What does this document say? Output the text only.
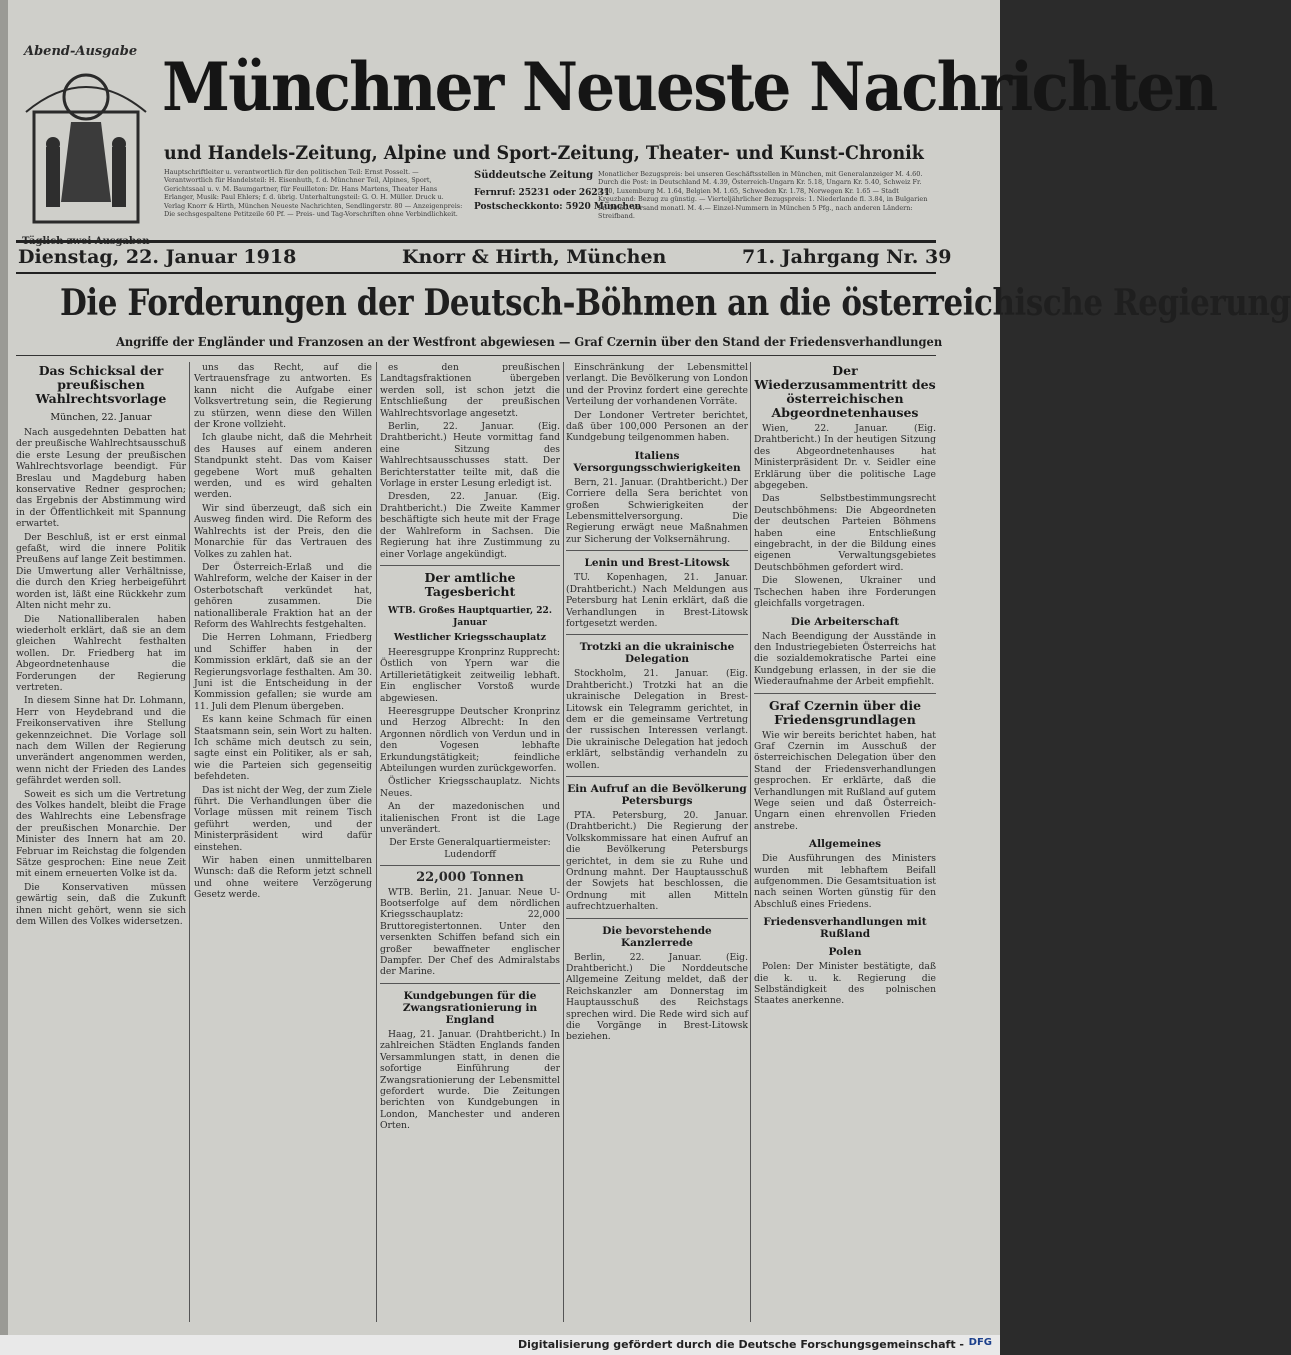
Abend-Ausgabe Münchner Neueste Nachrichten
und Handels-Zeitung, Alpine und Sport-Zeitung, Theater- und Kunst-Chronik
Hauptschriftleiter u. verantwortlich für den politischen Teil: Ernst Posselt. — Verantwortlich für Handelsteil: H. Eisenhuth, f. d. Münchner Teil, Alpines, Sport, Gerichtssaal u. v. M. Baumgartner, für Feuilleton: Dr. Hans Martens, Theater Hans Erlanger, Musik: Paul Ehlers; f. d. übrig. Unterhaltungsteil: G. O. H. Müller. Druck u. Verlag Knorr & Hirth, München Neueste Nachrichten, Sendlingerstr. 80 — Anzeigenpreis: Die sechsgespaltene Petitzeile 60 Pf. — Preis- und Tag-Vorschriften ohne Verbindlichkeit.
Süddeutsche Zeitung
Fernruf: 25231 oder 26231
Postscheckkonto: 5920 München
Monatlicher Bezugspreis: bei unseren Geschäftsstellen in München, mit Generalanzeiger M. 4.60. Durch die Post: in Deutschland M. 4.39, Österreich-Ungarn Kr. 5.18, Ungarn Kr. 5.40, Schweiz Fr. 5.90, Luxemburg M. 1.64, Belgien M. 1.65, Schweden Kr. 1.78, Norwegen Kr. 1.65 — Stadt Kreuzband: Bezug zu günstig. — Vierteljährlicher Bezugspreis: 1. Niederlande fl. 3.84, in Bulgarien Fr. 10.60. Versand monatl. M. 4.— Einzel-Nummern in München 5 Pfg., nach anderen Ländern: Streifband.
Dienstag, 22. Januar 1918	Knorr & Hirth, München	71. Jahrgang Nr. 39
Die Forderungen der Deutsch-Böhmen an die österreichische Regierung
Angriffe der Engländer und Franzosen an der Westfront abgewiesen — Graf Czernin über den Stand der Friedensverhandlungen
Das Schicksal der preußischen Wahlrechtsvorlage
München, 22. Januar

Nach ausgedehnten Debatten hat der preußische Wahlrechtsausschuß die erste Lesung der preußischen Wahlrechtsvorlage beendigt. Für Breslau und Magdeburg haben konservative Redner gesprochen; das Ergebnis der Abstimmung wird in der Öffentlichkeit mit Spannung erwartet.

Der Beschluß, ist er erst einmal gefaßt, wird die innere Politik Preußens auf lange Zeit bestimmen. Die Umwertung aller Verhältnisse, die durch den Krieg herbeigeführt worden ist, läßt eine Rückkehr zum Alten nicht mehr zu.

Die Nationalliberalen haben wiederholt erklärt, daß sie an dem gleichen Wahlrecht festhalten wollen. Dr. Friedberg hat im Abgeordnetenhause die Forderungen der Regierung vertreten.

In diesem Sinne hat Dr. Lohmann, Herr von Heydebrand und die Freikonservativen ihre Stellung gekennzeichnet. Die Vorlage soll nach dem Willen der Regierung unverändert angenommen werden, wenn nicht der Frieden des Landes gefährdet werden soll.

Soweit es sich um die Vertretung des Volkes handelt, bleibt die Frage des Wahlrechts eine Lebensfrage der preußischen Monarchie. Der Minister des Innern hat am 20. Februar im Reichstag die folgenden Sätze gesprochen: Eine neue Zeit mit einem erneuerten Volke ist da.

Die Konservativen müssen gewärtig sein, daß die Zukunft ihnen nicht gehört, wenn sie sich dem Willen des Volkes widersetzen.

uns das Recht, auf die Vertrauensfrage zu antworten. Es kann nicht die Aufgabe einer Volksvertretung sein, die Regierung zu stürzen, wenn diese den Willen der Krone vollzieht.

Ich glaube nicht, daß die Mehrheit des Hauses auf einem anderen Standpunkt steht. Das vom Kaiser gegebene Wort muß gehalten werden, und es wird gehalten werden.

Wir sind überzeugt, daß sich ein Ausweg finden wird. Die Reform des Wahlrechts ist der Preis, den die Monarchie für das Vertrauen des Volkes zu zahlen hat.

Der Österreich-Erlaß und die Wahlreform, welche der Kaiser in der Osterbotschaft verkündet hat, gehören zusammen. Die nationalliberale Fraktion hat an der Reform des Wahlrechts festgehalten.

Die Herren Lohmann, Friedberg und Schiffer haben in der Kommission erklärt, daß sie an der Regierungsvorlage festhalten. Am 30. Juni ist die Entscheidung in der Kommission gefallen; sie wurde am 11. Juli dem Plenum übergeben.

Es kann keine Schmach für einen Staatsmann sein, sein Wort zu halten. Ich schäme mich deutsch zu sein, sagte einst ein Politiker, als er sah, wie die Parteien sich gegenseitig befehdeten.

Das ist nicht der Weg, der zum Ziele führt. Die Verhandlungen über die Vorlage müssen mit reinem Tisch geführt werden, und der Ministerpräsident wird dafür einstehen.

Wir haben einen unmittelbaren Wunsch: daß die Reform jetzt schnell und ohne weitere Verzögerung Gesetz werde.

es den preußischen Landtagsfraktionen übergeben werden soll, ist schon jetzt die Entschließung der preußischen Wahlrechtsvorlage angesetzt.

Berlin, 22. Januar. (Eig. Drahtbericht.) Heute vormittag fand eine Sitzung des Wahlrechtsausschusses statt. Der Berichterstatter teilte mit, daß die Vorlage in erster Lesung erledigt ist.

Dresden, 22. Januar. (Eig. Drahtbericht.) Die Zweite Kammer beschäftigte sich heute mit der Frage der Wahlreform in Sachsen. Die Regierung hat ihre Zustimmung zu einer Vorlage angekündigt.

Der amtliche Tagesbericht
WTB. Großes Hauptquartier, 22. Januar
Westlicher Kriegsschauplatz

Heeresgruppe Kronprinz Rupprecht: Östlich von Ypern war die Artillerietätigkeit zeitweilig lebhaft. Ein englischer Vorstoß wurde abgewiesen.

Heeresgruppe Deutscher Kronprinz und Herzog Albrecht: In den Argonnen nördlich von Verdun und in den Vogesen lebhafte Erkundungstätigkeit; feindliche Abteilungen wurden zurückgeworfen.

Östlicher Kriegsschauplatz. Nichts Neues.

An der mazedonischen und italienischen Front ist die Lage unverändert.

Der Erste Generalquartiermeister: Ludendorff

22,000 Tonnen

WTB. Berlin, 21. Januar. Neue U-Bootserfolge auf dem nördlichen Kriegsschauplatz: 22,000 Bruttoregistertonnen. Unter den versenkten Schiffen befand sich ein großer bewaffneter englischer Dampfer. Der Chef des Admiralstabs der Marine.

Kundgebungen für die Zwangsrationierung in England

Haag, 21. Januar. (Drahtbericht.) In zahlreichen Städten Englands fanden Versammlungen statt, in denen die sofortige Einführung der Zwangsrationierung der Lebensmittel gefordert wurde. Die Zeitungen berichten von Kundgebungen in London, Manchester und anderen Orten.

Einschränkung der Lebensmittel verlangt. Die Bevölkerung von London und der Provinz fordert eine gerechte Verteilung der vorhandenen Vorräte.

Der Londoner Vertreter berichtet, daß über 100,000 Personen an der Kundgebung teilgenommen haben.

Italiens Versorgungsschwierigkeiten

Bern, 21. Januar. (Drahtbericht.) Der Corriere della Sera berichtet von großen Schwierigkeiten der Lebensmittelversorgung. Die Regierung erwägt neue Maßnahmen zur Sicherung der Volksernährung.

Lenin und Brest-Litowsk

TU. Kopenhagen, 21. Januar. (Drahtbericht.) Nach Meldungen aus Petersburg hat Lenin erklärt, daß die Verhandlungen in Brest-Litowsk fortgesetzt werden.

Trotzki an die ukrainische Delegation

Stockholm, 21. Januar. (Eig. Drahtbericht.) Trotzki hat an die ukrainische Delegation in Brest-Litowsk ein Telegramm gerichtet, in dem er die gemeinsame Vertretung der russischen Interessen verlangt. Die ukrainische Delegation hat jedoch erklärt, selbständig verhandeln zu wollen.

Ein Aufruf an die Bevölkerung Petersburgs

PTA. Petersburg, 20. Januar. (Drahtbericht.) Die Regierung der Volkskommissare hat einen Aufruf an die Bevölkerung Petersburgs gerichtet, in dem sie zu Ruhe und Ordnung mahnt. Der Hauptausschuß der Sowjets hat beschlossen, die Ordnung mit allen Mitteln aufrechtzuerhalten.

Die bevorstehende Kanzlerrede

Berlin, 22. Januar. (Eig. Drahtbericht.) Die Norddeutsche Allgemeine Zeitung meldet, daß der Reichskanzler am Donnerstag im Hauptausschuß des Reichstags sprechen wird. Die Rede wird sich auf die Vorgänge in Brest-Litowsk beziehen.

Der Wiederzusammentritt des österreichischen Abgeordnetenhauses

Wien, 22. Januar. (Eig. Drahtbericht.) In der heutigen Sitzung des Abgeordnetenhauses hat Ministerpräsident Dr. v. Seidler eine Erklärung über die politische Lage abgegeben.

Das Selbstbestimmungsrecht Deutschböhmens: Die Abgeordneten der deutschen Parteien Böhmens haben eine Entschließung eingebracht, in der die Bildung eines eigenen Verwaltungsgebietes Deutschböhmen gefordert wird.

Die Slowenen, Ukrainer und Tschechen haben ihre Forderungen gleichfalls vorgetragen.

Die Arbeiterschaft

Nach Beendigung der Ausstände in den Industriegebieten Österreichs hat die sozialdemokratische Partei eine Kundgebung erlassen, in der sie die Wiederaufnahme der Arbeit empfiehlt.

Graf Czernin über die Friedensgrundlagen

Wie wir bereits berichtet haben, hat Graf Czernin im Ausschuß der österreichischen Delegation über den Stand der Friedensverhandlungen gesprochen. Er erklärte, daß die Verhandlungen mit Rußland auf gutem Wege seien und daß Österreich-Ungarn einen ehrenvollen Frieden anstrebe.

Allgemeines

Die Ausführungen des Ministers wurden mit lebhaftem Beifall aufgenommen. Die Gesamtsituation ist nach seinen Worten günstig für den Abschluß eines Friedens.

Friedensverhandlungen mit Rußland
Polen

Polen: Der Minister bestätigte, daß die k. u. k. Regierung die Selbständigkeit des polnischen Staates anerkenne.

Digitalisierung gefördert durch die Deutsche Forschungsgemeinschaft - DFG
